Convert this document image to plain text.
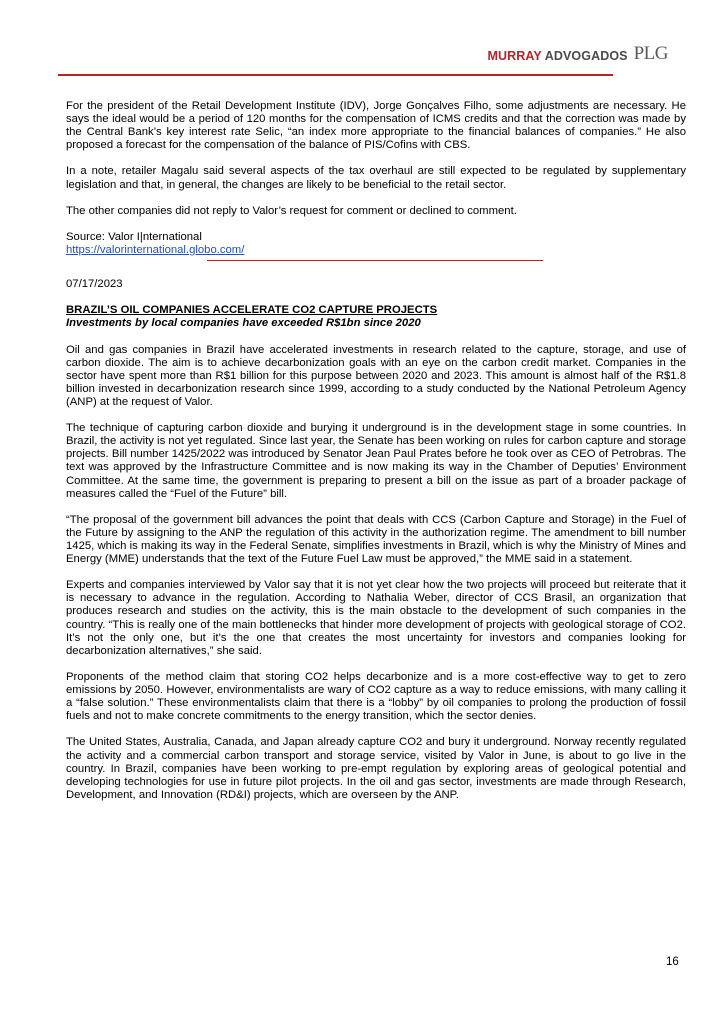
MURRAY ADVOGADOS PLG

For the president of the Retail Development Institute (IDV), Jorge Gonçalves Filho, some adjustments are necessary. He says the ideal would be a period of 120 months for the compensation of ICMS credits and that the correction was made by the Central Bank’s key interest rate Selic, “an index more appropriate to the financial balances of companies.” He also proposed a forecast for the compensation of the balance of PIS/Cofins with CBS.

In a note, retailer Magalu said several aspects of the tax overhaul are still expected to be regulated by supplementary legislation and that, in general, the changes are likely to be beneficial to the retail sector.

The other companies did not reply to Valor’s request for comment or declined to comment.

Source: Valor I|nternational

https://valorinternational.globo.com/

07/17/2023

BRAZIL’S OIL COMPANIES ACCELERATE CO2 CAPTURE PROJECTS

Investments by local companies have exceeded R$1bn since 2020

Oil and gas companies in Brazil have accelerated investments in research related to the capture, storage, and use of carbon dioxide. The aim is to achieve decarbonization goals with an eye on the carbon credit market. Companies in the sector have spent more than R$1 billion for this purpose between 2020 and 2023. This amount is almost half of the R$1.8 billion invested in decarbonization research since 1999, according to a study conducted by the National Petroleum Agency (ANP) at the request of Valor.

The technique of capturing carbon dioxide and burying it underground is in the development stage in some countries. In Brazil, the activity is not yet regulated. Since last year, the Senate has been working on rules for carbon capture and storage projects. Bill number 1425/2022 was introduced by Senator Jean Paul Prates before he took over as CEO of Petrobras. The text was approved by the Infrastructure Committee and is now making its way in the Chamber of Deputies’ Environment Committee. At the same time, the government is preparing to present a bill on the issue as part of a broader package of measures called the “Fuel of the Future” bill.

“The proposal of the government bill advances the point that deals with CCS (Carbon Capture and Storage) in the Fuel of the Future by assigning to the ANP the regulation of this activity in the authorization regime. The amendment to bill number 1425, which is making its way in the Federal Senate, simplifies investments in Brazil, which is why the Ministry of Mines and Energy (MME) understands that the text of the Future Fuel Law must be approved,” the MME said in a statement.

Experts and companies interviewed by Valor say that it is not yet clear how the two projects will proceed but reiterate that it is necessary to advance in the regulation. According to Nathalia Weber, director of CCS Brasil, an organization that produces research and studies on the activity, this is the main obstacle to the development of such companies in the country. “This is really one of the main bottlenecks that hinder more development of projects with geological storage of CO2. It’s not the only one, but it’s the one that creates the most uncertainty for investors and companies looking for decarbonization alternatives,” she said.

Proponents of the method claim that storing CO2 helps decarbonize and is a more cost-effective way to get to zero emissions by 2050. However, environmentalists are wary of CO2 capture as a way to reduce emissions, with many calling it a “false solution.” These environmentalists claim that there is a “lobby” by oil companies to prolong the production of fossil fuels and not to make concrete commitments to the energy transition, which the sector denies.

The United States, Australia, Canada, and Japan already capture CO2 and bury it underground. Norway recently regulated the activity and a commercial carbon transport and storage service, visited by Valor in June, is about to go live in the country. In Brazil, companies have been working to pre-empt regulation by exploring areas of geological potential and developing technologies for use in future pilot projects. In the oil and gas sector, investments are made through Research, Development, and Innovation (RD&I) projects, which are overseen by the ANP.

16
